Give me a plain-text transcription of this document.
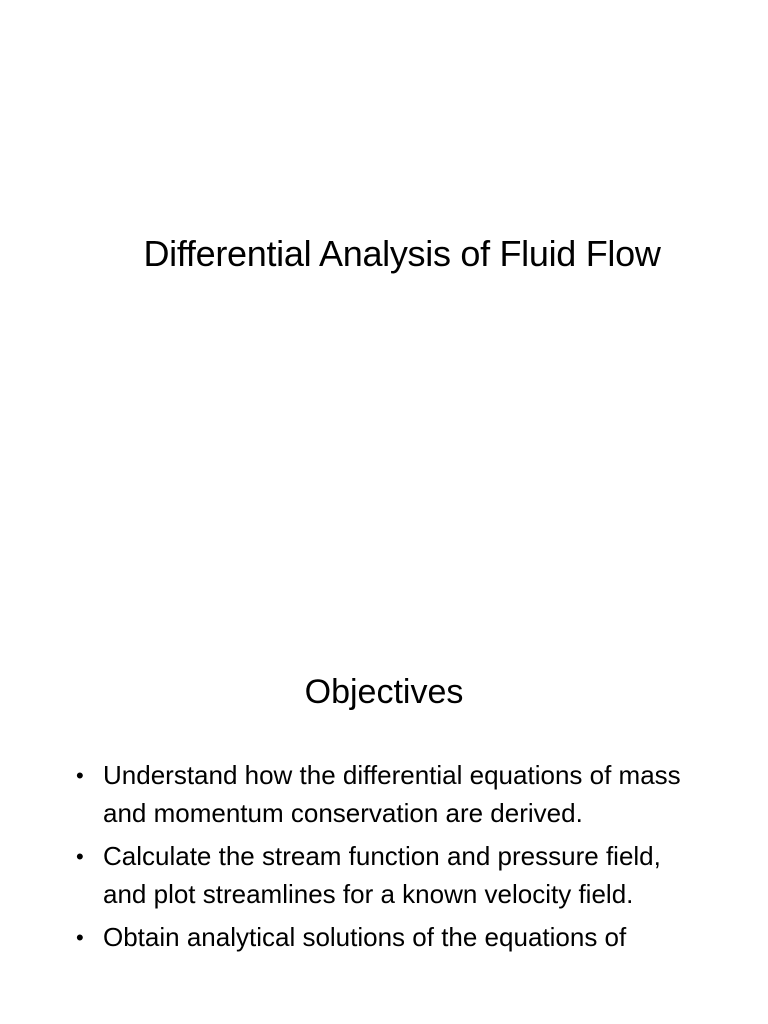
Differential Analysis of Fluid Flow
Objectives
• Understand how the differential equations of mass and momentum conservation are derived.
• Calculate the stream function and pressure field, and plot streamlines for a known velocity field.
• Obtain analytical solutions of the equations of
